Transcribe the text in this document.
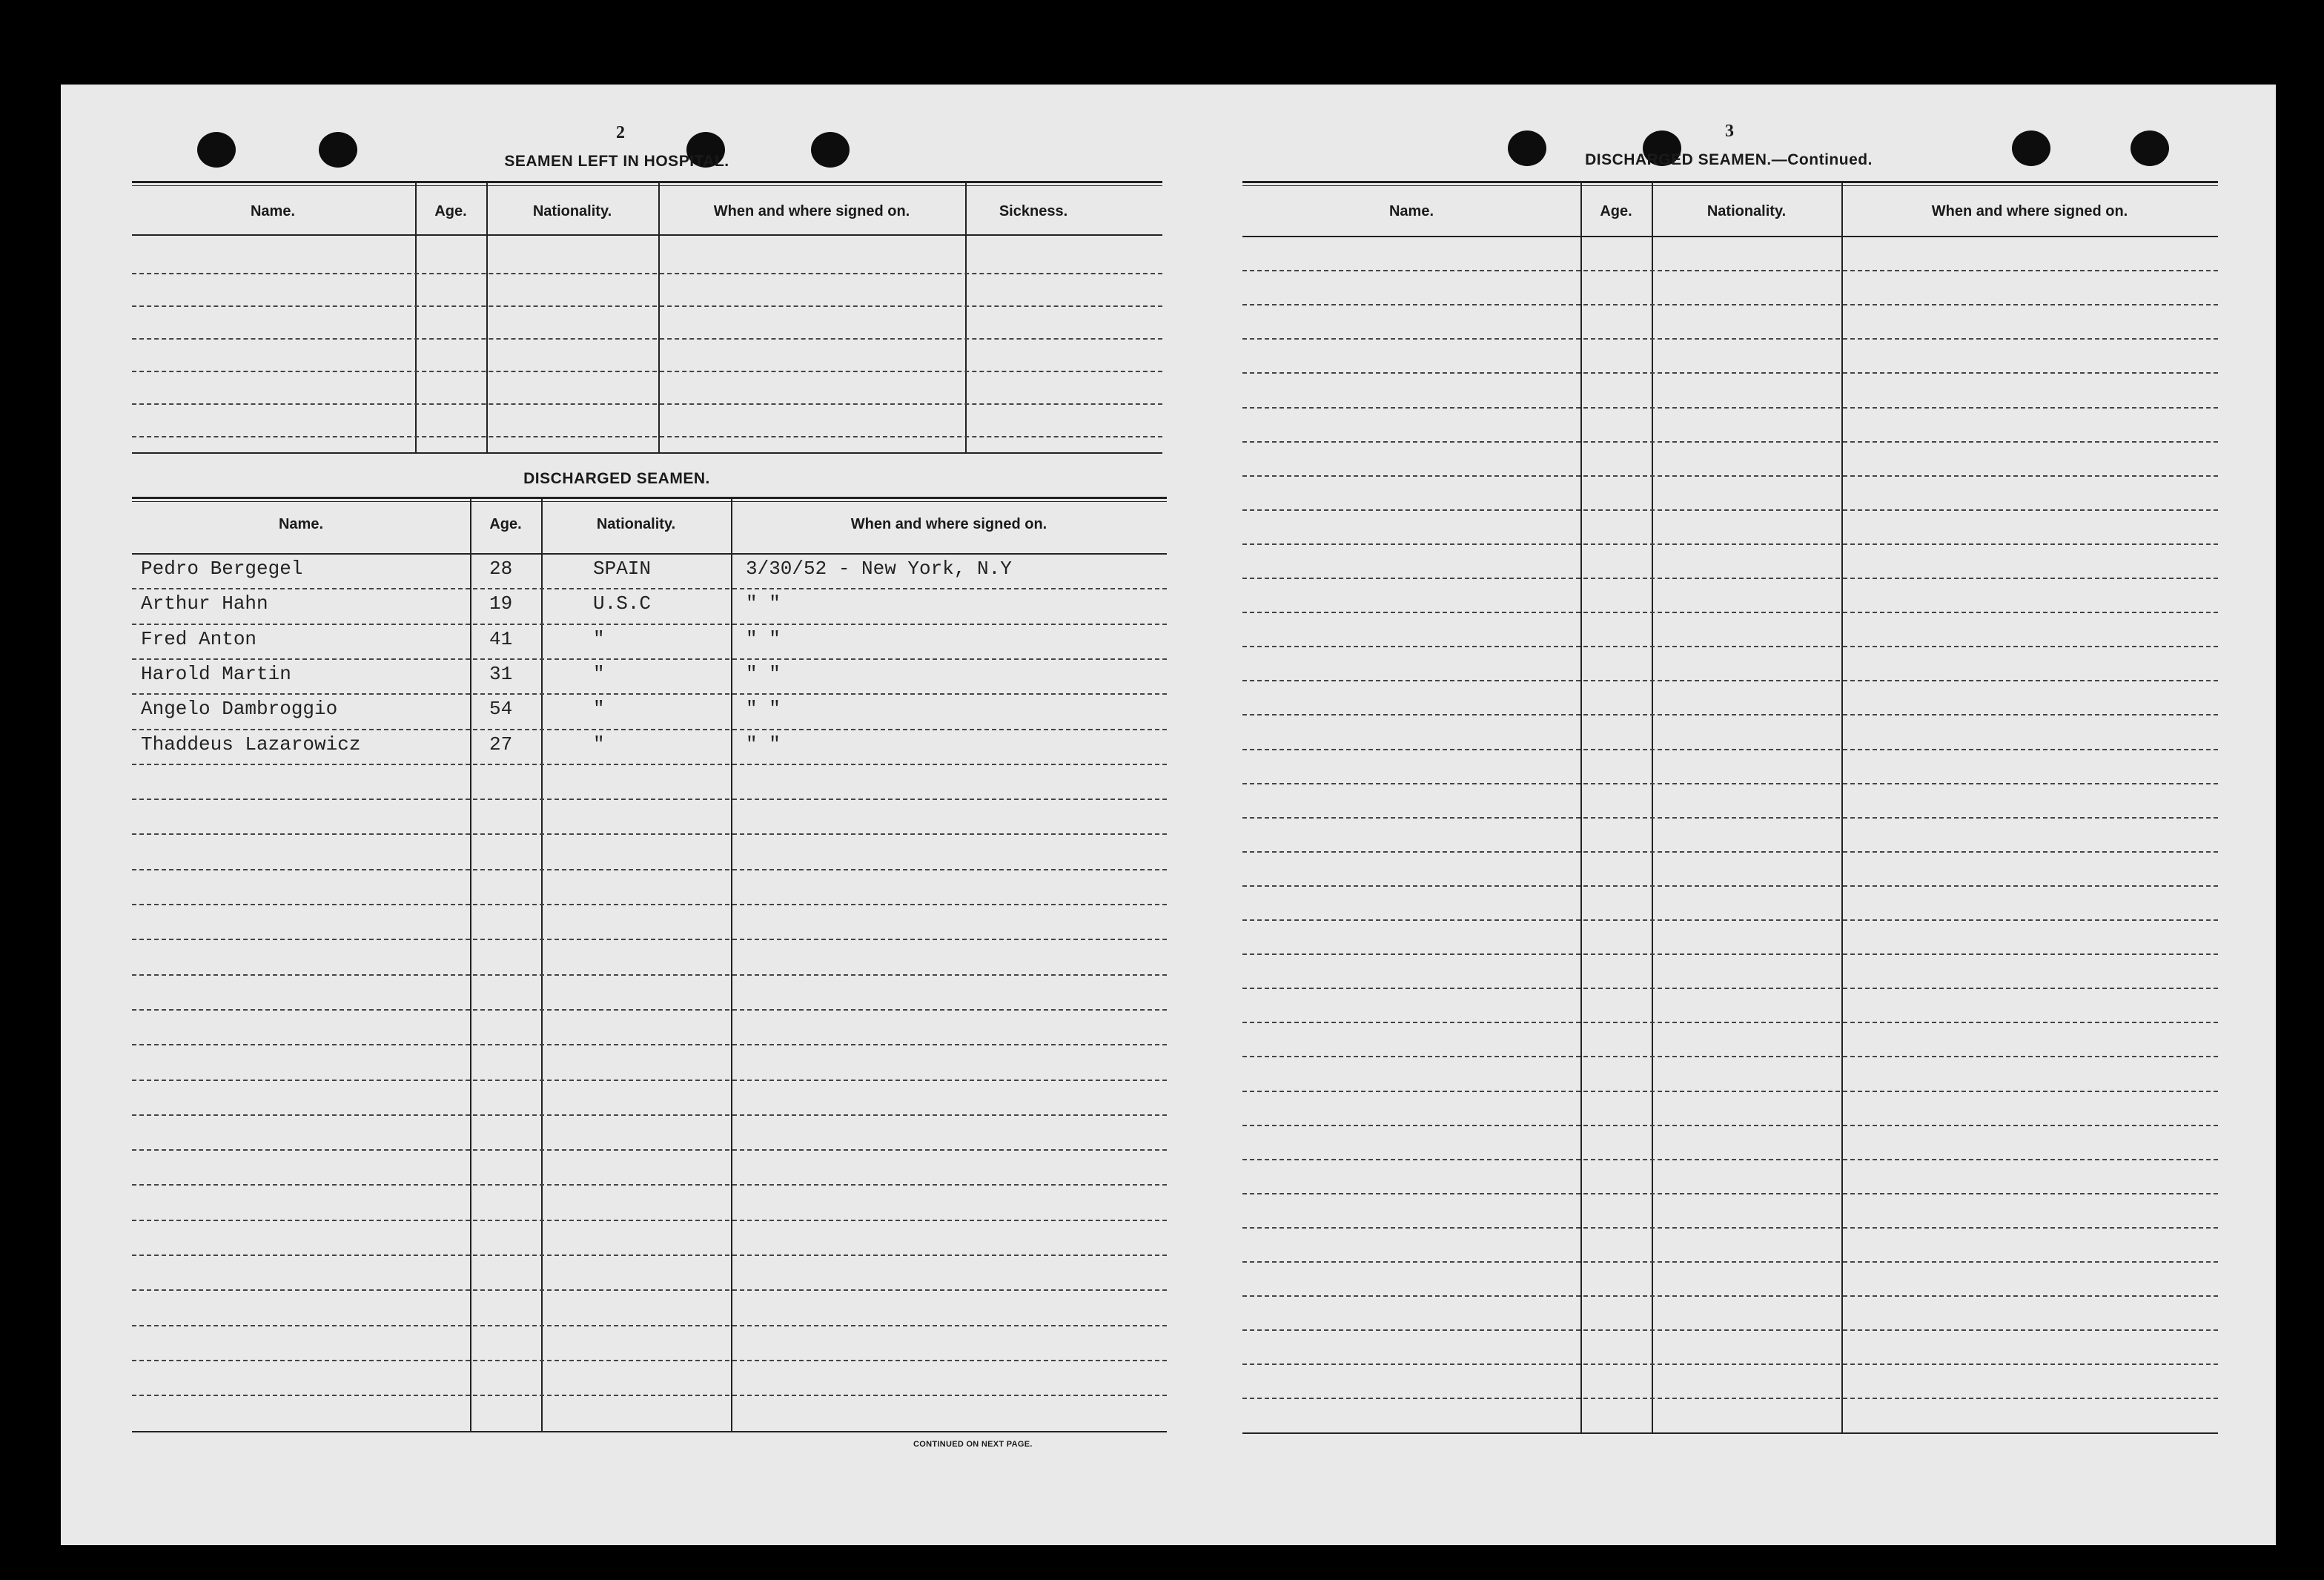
2
SEAMEN LEFT IN HOSPITAL.
Name.	Age.	Nationality.	When and where signed on.	Sickness.
DISCHARGED SEAMEN.
Name.	Age.	Nationality.	When and where signed on.
Pedro Bergegel	28	SPAIN	3/30/52 - New York, N.Y
Arthur Hahn	19	U.S.C	" "
Fred Anton	41	"	" "
Harold Martin	31	"	" "
Angelo Dambroggio	54	"	" "
Thaddeus Lazarowicz	27	"	" "
CONTINUED ON NEXT PAGE.
3
DISCHARGED SEAMEN.—Continued.
Name.	Age.	Nationality.	When and where signed on.
